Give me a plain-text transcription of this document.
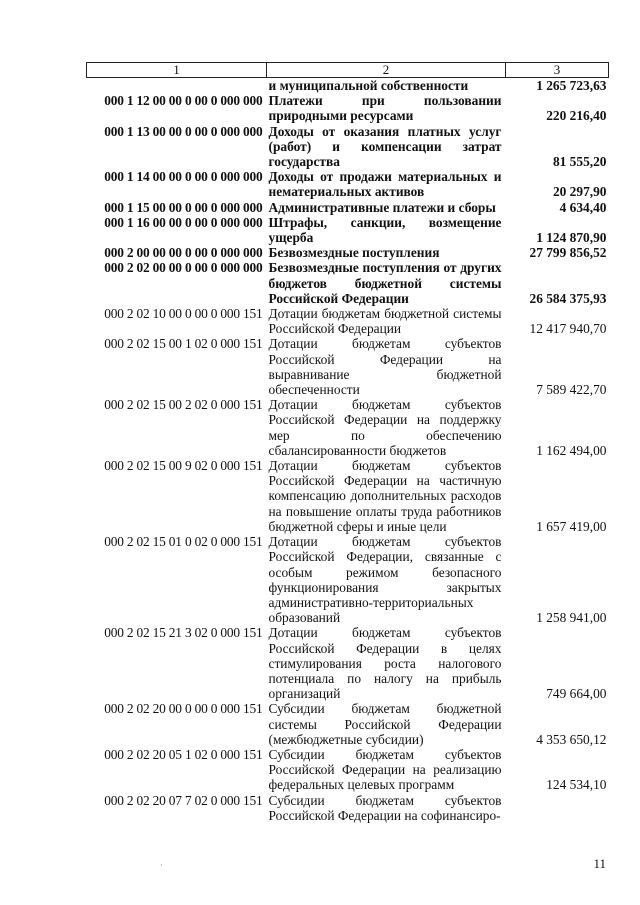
1	2	3
	и муниципальной собственности	1 265 723,63
000 1 12 00 00 0 00 0 000 000	Платежи при пользовании природными ресурсами	220 216,40
000 1 13 00 00 0 00 0 000 000	Доходы от оказания платных услуг (работ) и компенсации затрат государства	81 555,20
000 1 14 00 00 0 00 0 000 000	Доходы от продажи материальных и нематериальных активов	20 297,90
000 1 15 00 00 0 00 0 000 000	Административные платежи и сборы	4 634,40
000 1 16 00 00 0 00 0 000 000	Штрафы, санкции, возмещение ущерба	1 124 870,90
000 2 00 00 00 0 00 0 000 000	Безвозмездные поступления	27 799 856,52
000 2 02 00 00 0 00 0 000 000	Безвозмездные поступления от других бюджетов бюджетной системы Российской Федерации	26 584 375,93
000 2 02 10 00 0 00 0 000 151	Дотации бюджетам бюджетной системы Российской Федерации	12 417 940,70
000 2 02 15 00 1 02 0 000 151	Дотации бюджетам субъектов Российской Федерации на выравнивание бюджетной обеспеченности	7 589 422,70
000 2 02 15 00 2 02 0 000 151	Дотации бюджетам субъектов Российской Федерации на поддержку мер по обеспечению сбалансированности бюджетов	1 162 494,00
000 2 02 15 00 9 02 0 000 151	Дотации бюджетам субъектов Российской Федерации на частичную компенсацию дополнительных расходов на повышение оплаты труда работников бюджетной сферы и иные цели	1 657 419,00
000 2 02 15 01 0 02 0 000 151	Дотации бюджетам субъектов Российской Федерации, связанные с особым режимом безопасного функционирования закрытых административно-территориальных образований	1 258 941,00
000 2 02 15 21 3 02 0 000 151	Дотации бюджетам субъектов Российской Федерации в целях стимулирования роста налогового потенциала по налогу на прибыль организаций	749 664,00
000 2 02 20 00 0 00 0 000 151	Субсидии бюджетам бюджетной системы Российской Федерации (межбюджетные субсидии)	4 353 650,12
000 2 02 20 05 1 02 0 000 151	Субсидии бюджетам субъектов Российской Федерации на реализацию федеральных целевых программ	124 534,10
000 2 02 20 07 7 02 0 000 151	Субсидии бюджетам субъектов Российской Федерации на софинансиро-	
·	11
